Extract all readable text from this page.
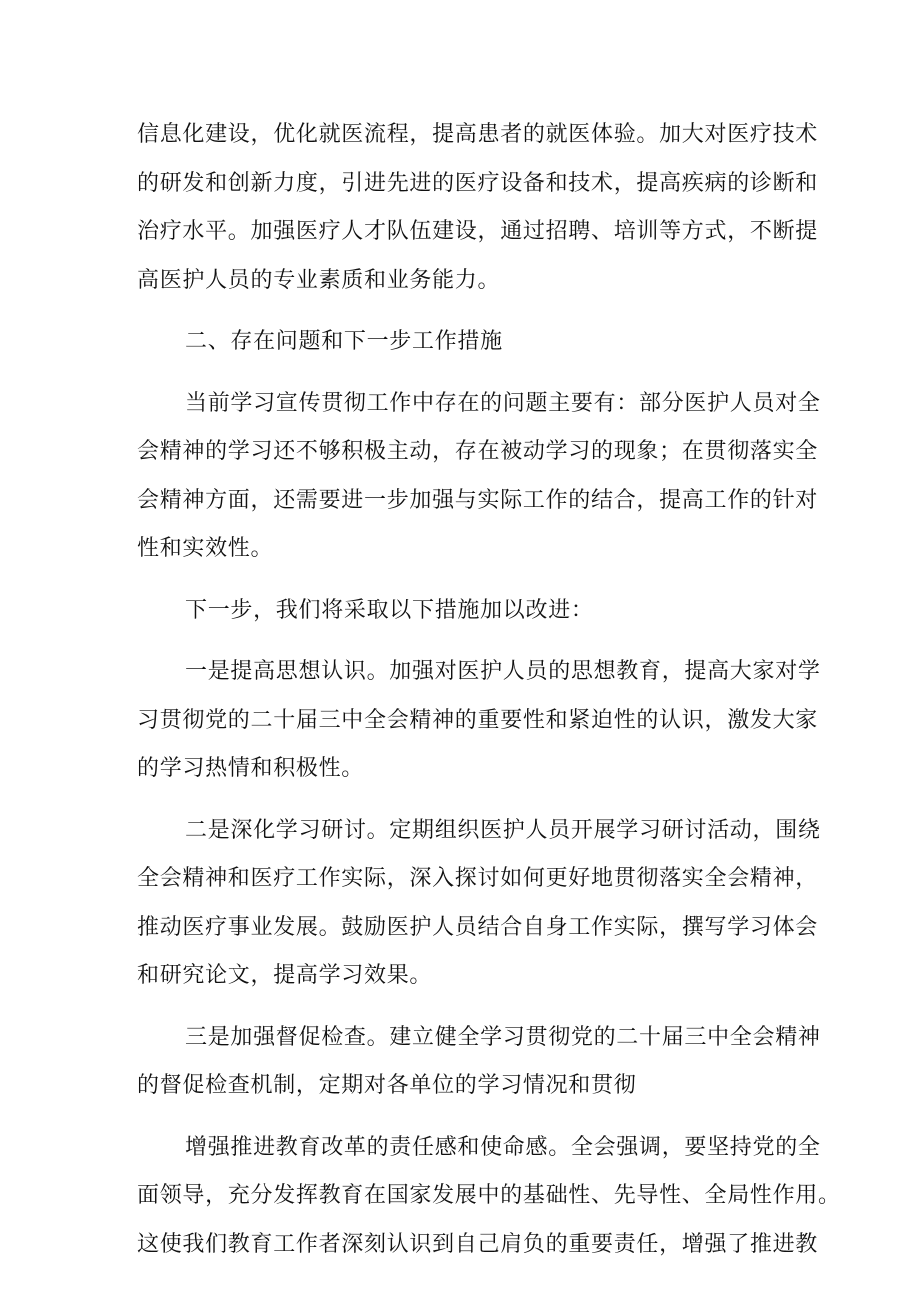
信息化建设，优化就医流程，提高患者的就医体验。加大对医疗技术
的研发和创新力度，引进先进的医疗设备和技术，提高疾病的诊断和
治疗水平。加强医疗人才队伍建设，通过招聘、培训等方式，不断提
高医护人员的专业素质和业务能力。
二、存在问题和下一步工作措施
当前学习宣传贯彻工作中存在的问题主要有：部分医护人员对全
会精神的学习还不够积极主动，存在被动学习的现象；在贯彻落实全
会精神方面，还需要进一步加强与实际工作的结合，提高工作的针对
性和实效性。
下一步，我们将采取以下措施加以改进：
一是提高思想认识。加强对医护人员的思想教育，提高大家对学
习贯彻党的二十届三中全会精神的重要性和紧迫性的认识，激发大家
的学习热情和积极性。
二是深化学习研讨。定期组织医护人员开展学习研讨活动，围绕
全会精神和医疗工作实际，深入探讨如何更好地贯彻落实全会精神，
推动医疗事业发展。鼓励医护人员结合自身工作实际，撰写学习体会
和研究论文，提高学习效果。
三是加强督促检查。建立健全学习贯彻党的二十届三中全会精神
的督促检查机制，定期对各单位的学习情况和贯彻
增强推进教育改革的责任感和使命感。全会强调，要坚持党的全
面领导，充分发挥教育在国家发展中的基础性、先导性、全局性作用。
这使我们教育工作者深刻认识到自己肩负的重要责任，增强了推进教
